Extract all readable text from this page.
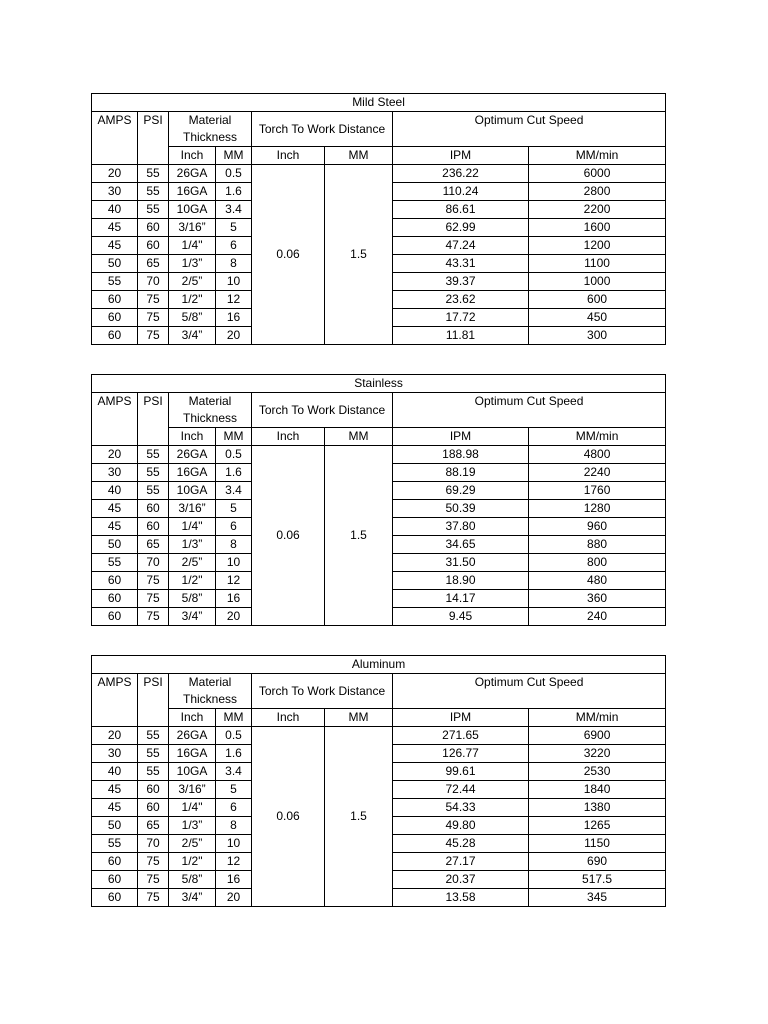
Mild Steel							
AMPS	PSI	Material Thickness		Torch To Work Distance		Optimum Cut Speed	
		Inch	MM	Inch	MM	IPM	MM/min
20	55	26GA	0.5	0.06	1.5	236.22	6000
30	55	16GA	1.6			110.24	2800
40	55	10GA	3.4			86.61	2200
45	60	3/16”	5			62.99	1600
45	60	1/4"	6			47.24	1200
50	65	1/3”	8			43.31	1100
55	70	2/5”	10			39.37	1000
60	75	1/2"	12			23.62	600
60	75	5/8”	16			17.72	450
60	75	3/4”	20			11.81	300
Stainless							
AMPS	PSI	Material Thickness		Torch To Work Distance		Optimum Cut Speed	
		Inch	MM	Inch	MM	IPM	MM/min
20	55	26GA	0.5	0.06	1.5	188.98	4800
30	55	16GA	1.6			88.19	2240
40	55	10GA	3.4			69.29	1760
45	60	3/16”	5			50.39	1280
45	60	1/4"	6			37.80	960
50	65	1/3”	8			34.65	880
55	70	2/5”	10			31.50	800
60	75	1/2"	12			18.90	480
60	75	5/8”	16			14.17	360
60	75	3/4”	20			9.45	240
Aluminum							
AMPS	PSI	Material Thickness		Torch To Work Distance		Optimum Cut Speed	
		Inch	MM	Inch	MM	IPM	MM/min
20	55	26GA	0.5	0.06	1.5	271.65	6900
30	55	16GA	1.6			126.77	3220
40	55	10GA	3.4			99.61	2530
45	60	3/16”	5			72.44	1840
45	60	1/4"	6			54.33	1380
50	65	1/3”	8			49.80	1265
55	70	2/5”	10			45.28	1150
60	75	1/2"	12			27.17	690
60	75	5/8”	16			20.37	517.5
60	75	3/4”	20			13.58	345
